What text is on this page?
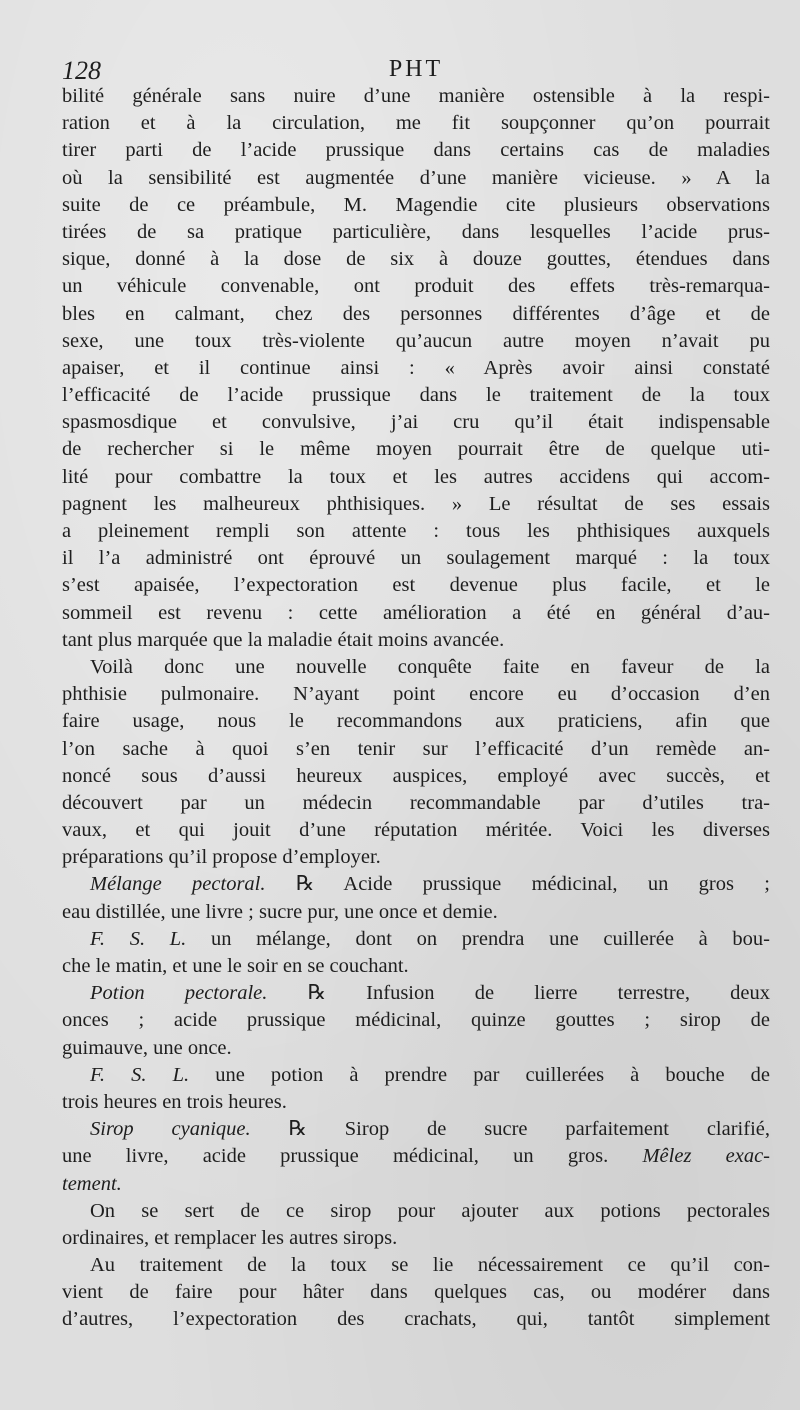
128	PHT
bilité générale sans nuire d’une manière ostensible à la respi-
ration et à la circulation, me fit soupçonner qu’on pourrait
tirer parti de l’acide prussique dans certains cas de maladies
où la sensibilité est augmentée d’une manière vicieuse. » A la
suite de ce préambule, M. Magendie cite plusieurs observations
tirées de sa pratique particulière, dans lesquelles l’acide prus-
sique, donné à la dose de six à douze gouttes, étendues dans
un véhicule convenable, ont produit des effets très-remarqua-
bles en calmant, chez des personnes différentes d’âge et de
sexe, une toux très-violente qu’aucun autre moyen n’avait pu
apaiser, et il continue ainsi : « Après avoir ainsi constaté
l’efficacité de l’acide prussique dans le traitement de la toux
spasmosdique et convulsive, j’ai cru qu’il était indispensable
de rechercher si le même moyen pourrait être de quelque uti-
lité pour combattre la toux et les autres accidens qui accom-
pagnent les malheureux phthisiques. » Le résultat de ses essais
a pleinement rempli son attente : tous les phthisiques auxquels
il l’a administré ont éprouvé un soulagement marqué : la toux
s’est apaisée, l’expectoration est devenue plus facile, et le
sommeil est revenu : cette amélioration a été en général d’au-
tant plus marquée que la maladie était moins avancée.
Voilà donc une nouvelle conquête faite en faveur de la
phthisie pulmonaire. N’ayant point encore eu d’occasion d’en
faire usage, nous le recommandons aux praticiens, afin que
l’on sache à quoi s’en tenir sur l’efficacité d’un remède an-
noncé sous d’aussi heureux auspices, employé avec succès, et
découvert par un médecin recommandable par d’utiles tra-
vaux, et qui jouit d’une réputation méritée. Voici les diverses
préparations qu’il propose d’employer.
Mélange pectoral. ℞ Acide prussique médicinal, un gros ;
eau distillée, une livre ; sucre pur, une once et demie.
F. S. L. un mélange, dont on prendra une cuillerée à bou-
che le matin, et une le soir en se couchant.
Potion pectorale. ℞ Infusion de lierre terrestre, deux
onces ; acide prussique médicinal, quinze gouttes ; sirop de
guimauve, une once.
F. S. L. une potion à prendre par cuillerées à bouche de
trois heures en trois heures.
Sirop cyanique. ℞ Sirop de sucre parfaitement clarifié,
une livre, acide prussique médicinal, un gros. Mêlez exac-
tement.
On se sert de ce sirop pour ajouter aux potions pectorales
ordinaires, et remplacer les autres sirops.
Au traitement de la toux se lie nécessairement ce qu’il con-
vient de faire pour hâter dans quelques cas, ou modérer dans
d’autres, l’expectoration des crachats, qui, tantôt simplement
